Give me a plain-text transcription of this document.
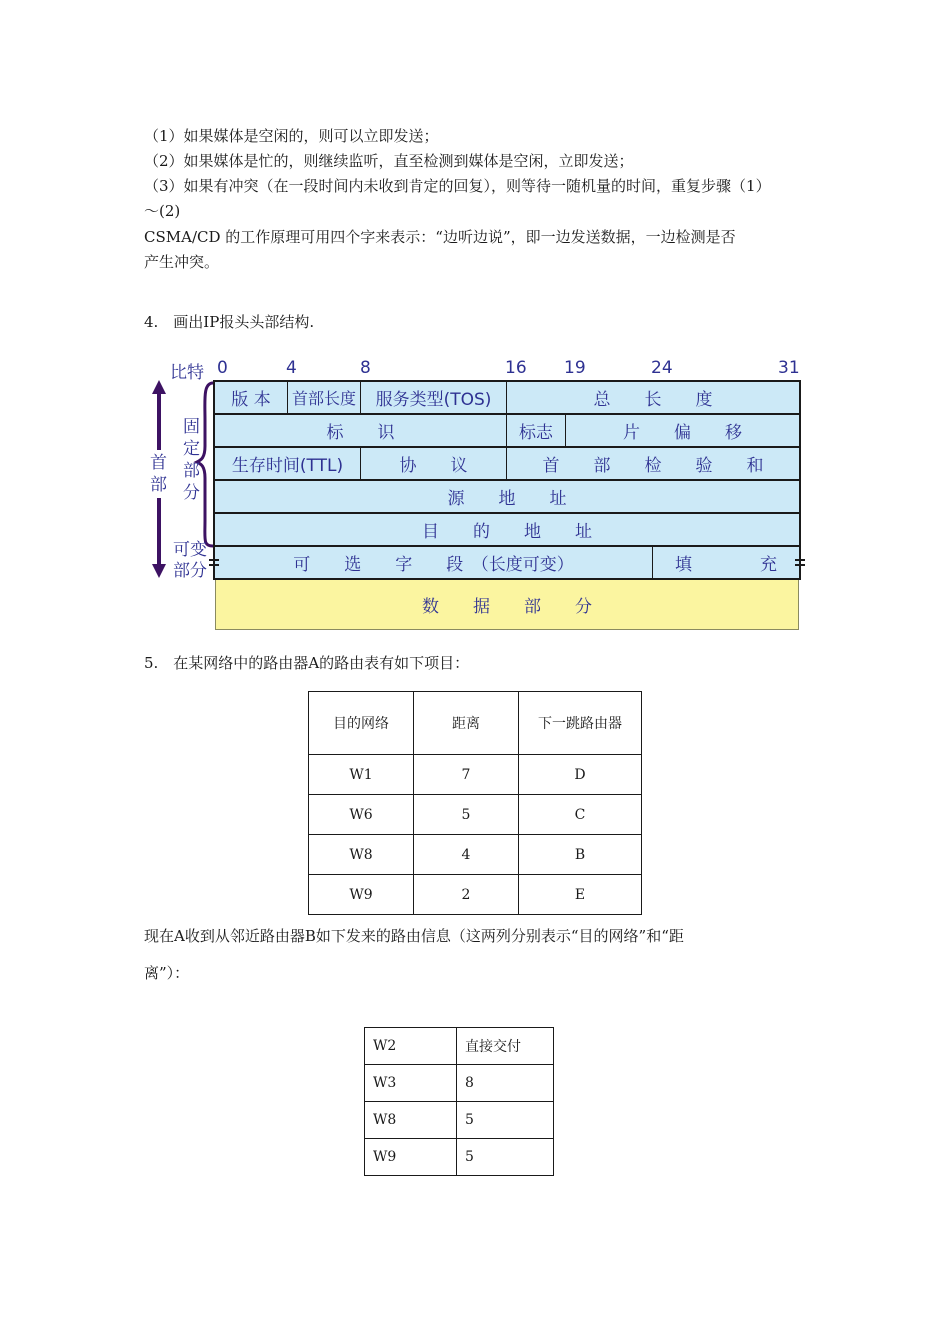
（1）如果媒体是空闲的，则可以立即发送；
（2）如果媒体是忙的，则继续监听，直至检测到媒体是空闲，立即发送；
（3）如果有冲突（在一段时间内未收到肯定的回复），则等待一随机量的时间，重复步骤（1）
～(2)
CSMA/CD 的工作原理可用四个字来表示：“边听边说”，即一边发送数据，一边检测是否
产生冲突。
4.　画出IP报头头部结构.
比特 0	4	8	16 19	24	31
首
部
固
定
部
分
可变
部分
版 本	首部长度	服务类型(TOS)	总　　长　　度
标　　识	标志	片　　偏　　移
生存时间(TTL)	协　　议	首　　部　　检　　验　　和
源　　地　　址
目　　的　　地　　址
可　　选　　字　　段　（长度可变）	填　　　　充
数　　据　　部　　分
5.　在某网络中的路由器A的路由表有如下项目：
目的网络	距离	下一跳路由器
W1	7	D
W6	5	C
W8	4	B
W9	2	E
现在A收到从邻近路由器B如下发来的路由信息（这两列分别表示“目的网络”和“距
离”）：
W2	直接交付
W3	8
W8	5
W9	5
